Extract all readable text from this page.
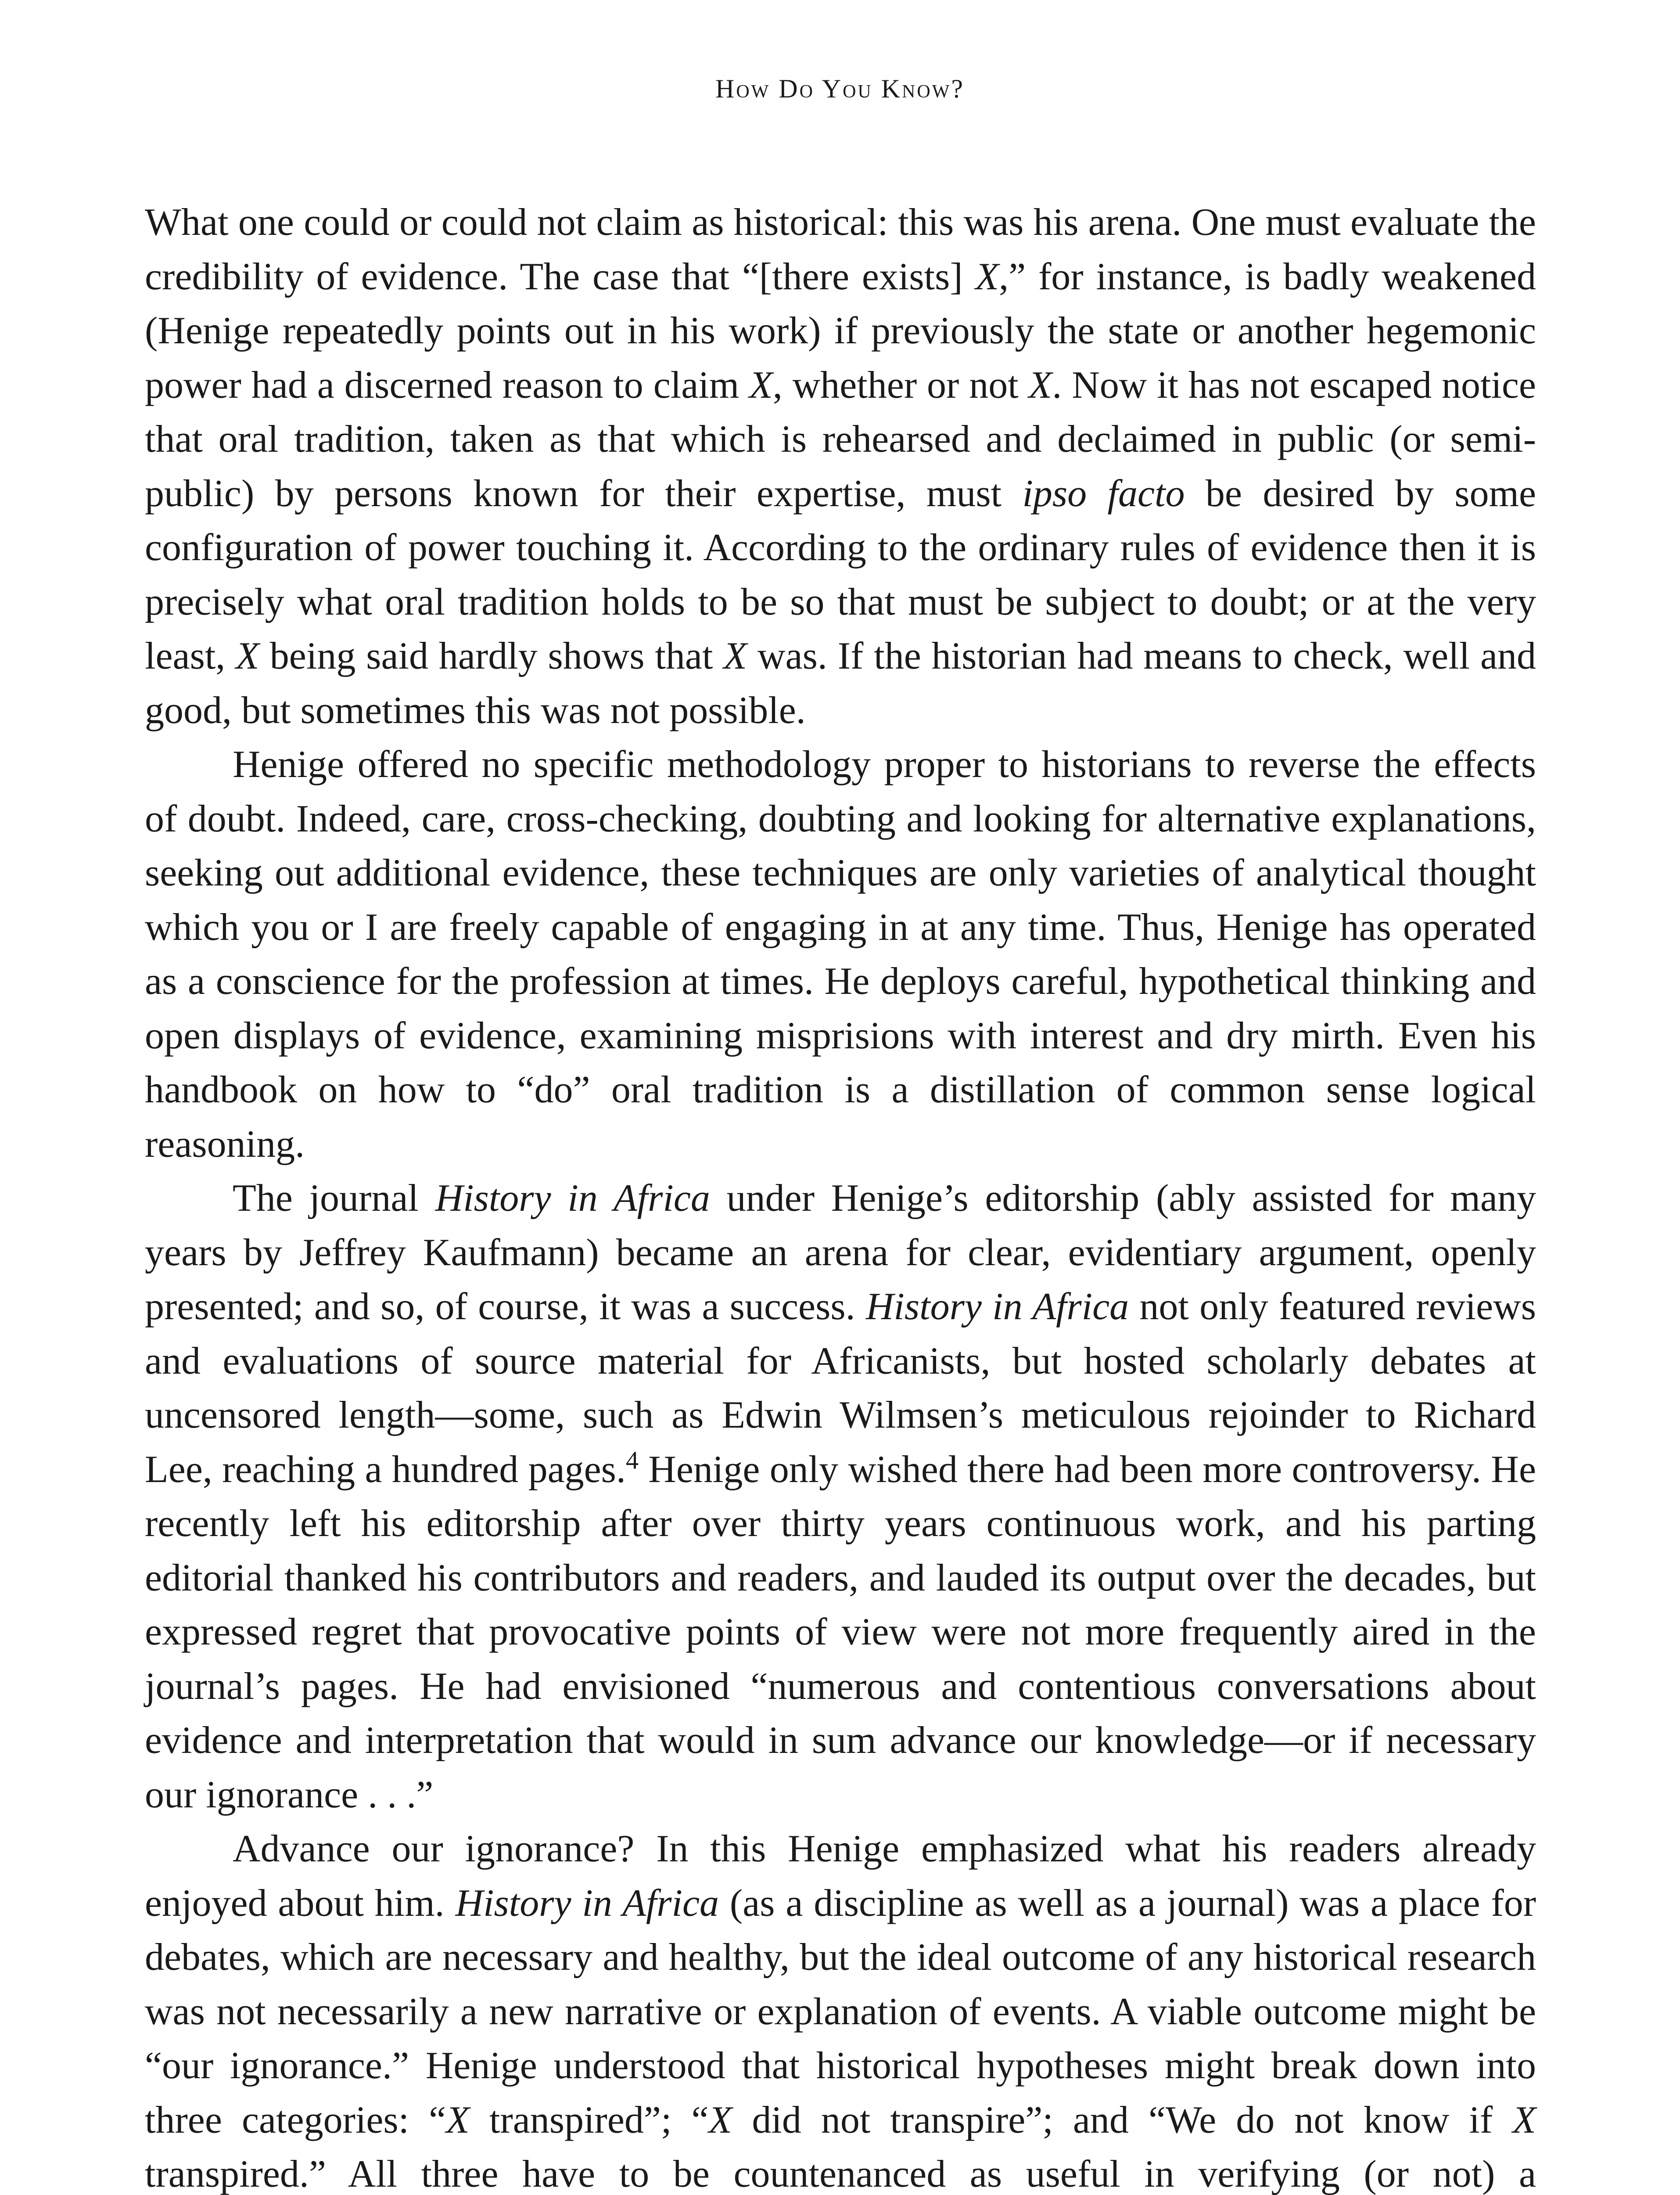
How Do You Know?

What one could or could not claim as historical: this was his arena. One must evaluate the credibility of evidence. The case that “[there exists] X,” for instance, is badly weakened (Henige repeatedly points out in his work) if previously the state or another hegemonic power had a discerned reason to claim X, whether or not X. Now it has not escaped notice that oral tradition, taken as that which is rehearsed and declaimed in public (or semi-public) by persons known for their expertise, must ipso facto be desired by some configuration of power touching it. According to the ordinary rules of evidence then it is precisely what oral tradition holds to be so that must be subject to doubt; or at the very least, X being said hardly shows that X was. If the historian had means to check, well and good, but sometimes this was not possible.

Henige offered no specific methodology proper to historians to reverse the effects of doubt. Indeed, care, cross-checking, doubting and looking for alternative explanations, seeking out additional evidence, these techniques are only varieties of analytical thought which you or I are freely capable of engaging in at any time. Thus, Henige has operated as a conscience for the profession at times. He deploys careful, hypothetical thinking and open displays of evidence, examining misprisions with interest and dry mirth. Even his handbook on how to “do” oral tradition is a distillation of common sense logical reasoning.

The journal History in Africa under Henige’s editorship (ably assisted for many years by Jeffrey Kaufmann) became an arena for clear, evidentiary argument, openly presented; and so, of course, it was a success. History in Africa not only featured reviews and evaluations of source material for Africanists, but hosted scholarly debates at uncensored length—some, such as Edwin Wilmsen’s meticulous rejoinder to Richard Lee, reaching a hundred pages.$^4$ Henige only wished there had been more controversy. He recently left his editorship after over thirty years continuous work, and his parting editorial thanked his contributors and readers, and lauded its output over the decades, but expressed regret that provocative points of view were not more frequently aired in the journal’s pages. He had envisioned “numerous and contentious conversations about evidence and interpretation that would in sum advance our knowledge—or if necessary our ignorance . . .”

Advance our ignorance? In this Henige emphasized what his readers already enjoyed about him. History in Africa (as a discipline as well as a journal) was a place for debates, which are necessary and healthy, but the ideal outcome of any historical research was not necessarily a new narrative or explanation of events. A viable outcome might be “our ignorance.” Henige understood that historical hypotheses might break down into three categories: “X transpired”; “X did not transpire”; and “We do not know if X transpired.” All three have to be countenanced as useful in verifying (or not) a
